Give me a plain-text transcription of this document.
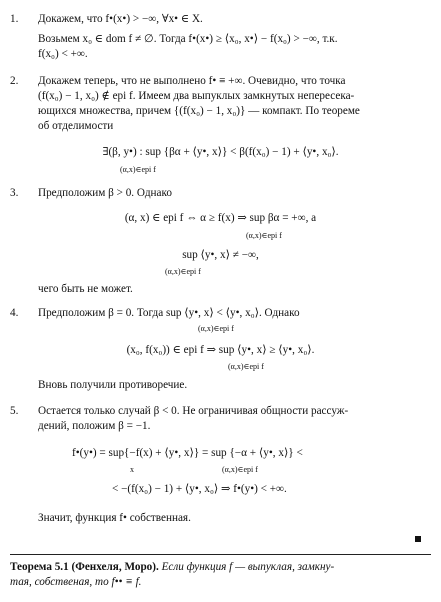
1.	Докажем, что f•(x•) > −∞, ∀x• ∈ X.
Возьмем x₀ ∈ dom f ≠ ∅. Тогда f•(x•) ≥ ⟨x₀, x•⟩ − f(x₀) > −∞, т.к.
f(x₀) < +∞.
2.	Докажем теперь, что не выполнено f• ≡ +∞. Очевидно, что точка
(f(x₀) − 1, x₀) ∉ epi f. Имеем два выпуклых замкнутых непересека-
ющихся множества, причем {(f(x₀) − 1, x₀)} — компакт. По теореме
об отделимости
∃(β, y•) : sup {βα + ⟨y•, x⟩} < β(f(x₀) − 1) + ⟨y•, x₀⟩.
(α,x)∈epi f
3.	Предположим β > 0. Однако
(α, x) ∈ epi f ⇔ α ≥ f(x) ⇒ sup βα = +∞, а
(α,x)∈epi f
sup ⟨y•, x⟩ ≠ −∞,
(α,x)∈epi f
чего быть не может.
4.	Предположим β = 0. Тогда sup ⟨y•, x⟩ < ⟨y•, x₀⟩. Однако
(α,x)∈epi f
(x₀, f(x₀)) ∈ epi f ⇒ sup ⟨y•, x⟩ ≥ ⟨y•, x₀⟩.
(α,x)∈epi f
Вновь получили противоречие.
5.	Остается только случай β < 0. Не ограничивая общности рассуж-
дений, положим β = −1.
f•(y•) = sup{−f(x) + ⟨y•, x⟩} = sup {−α + ⟨y•, x⟩} <
x	(α,x)∈epi f
< −(f(x₀) − 1) + ⟨y•, x₀⟩ ⇒ f•(y•) < +∞.
Значит, функция f• собственная.
Теорема 5.1 (Фенхеля, Моро). Если функция f — выпуклая, замкну-
тая, собственая, то f•• ≡ f.
